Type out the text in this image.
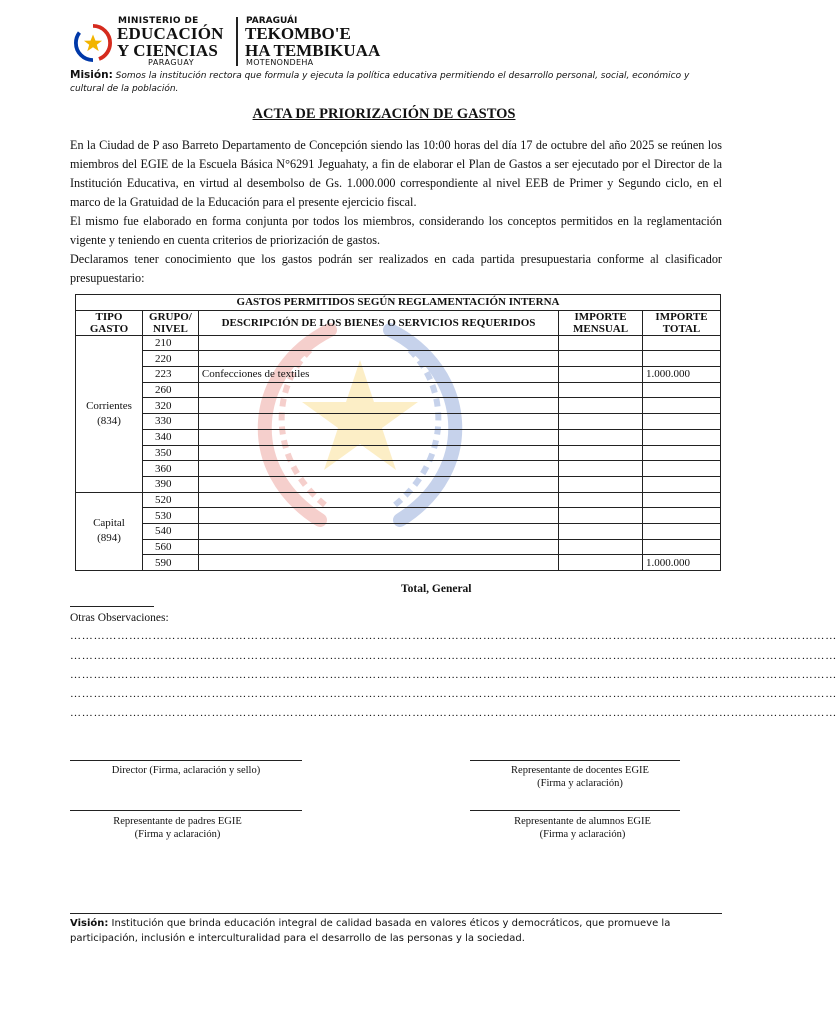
MINISTERIO DE
EDUCACIÓN
Y CIENCIAS
PARAGUAY
PARAGUÁI
TEKOMBO'E
HA TEMBIKUAA
MOTENONDEHA
Misión: Somos la institución rectora que formula y ejecuta la política educativa permitiendo el desarrollo personal, social, económico y cultural de la población.
ACTA DE PRIORIZACIÓN DE GASTOS

En la Ciudad de P aso Barreto Departamento de Concepción siendo las 10:00 horas del día 17 de octubre del año 2025 se reúnen los miembros del EGIE de la Escuela Básica N°6291 Jeguahaty, a fin de elaborar el Plan de Gastos a ser ejecutado por el Director de la Institución Educativa, en virtud al desembolso de Gs. 1.000.000 correspondiente al nivel EEB de Primer y Segundo ciclo, en el marco de la Gratuidad de la Educación para el presente ejercicio fiscal.

El mismo fue elaborado en forma conjunta por todos los miembros, considerando los conceptos permitidos en la reglamentación vigente y teniendo en cuenta criterios de priorización de gastos.

Declaramos tener conocimiento que los gastos podrán ser realizados en cada partida presupuestaria conforme al clasificador presupuestario:

GASTOS PERMITIDOS SEGÚN REGLAMENTACIÓN INTERNA				
TIPO GASTO	GRUPO/ NIVEL	DESCRIPCIÓN DE LOS BIENES O SERVICIOS REQUERIDOS	IMPORTE MENSUAL	IMPORTE TOTAL

Corrientes
(834)	210			
	220			
	223	Confecciones de textiles		1.000.000
	260			
	320			
	330			
	340			
	350			
	360			
	390			

Capital
(894)	520			
	530			
	540			
	560			
	590			1.000.000
Total, General
Otras Observaciones:
……………………………………………………………………………………………………………………………………………………………………………
……………………………………………………………………………………………………………………………………………………………………………
……………………………………………………………………………………………………………………………………………………………………………
……………………………………………………………………………………………………………………………………………………………………………
……………………………………………………………………………………………………………………………………………………………………………
Director (Firma, aclaración y sello)	Representante de docentes EGIE
(Firma y aclaración)
Representante de padres EGIE
(Firma y aclaración)
Representante de alumnos EGIE
(Firma y aclaración)
Visión: Institución que brinda educación integral de calidad basada en valores éticos y democráticos, que promueve la participación, inclusión e interculturalidad para el desarrollo de las personas y la sociedad.
